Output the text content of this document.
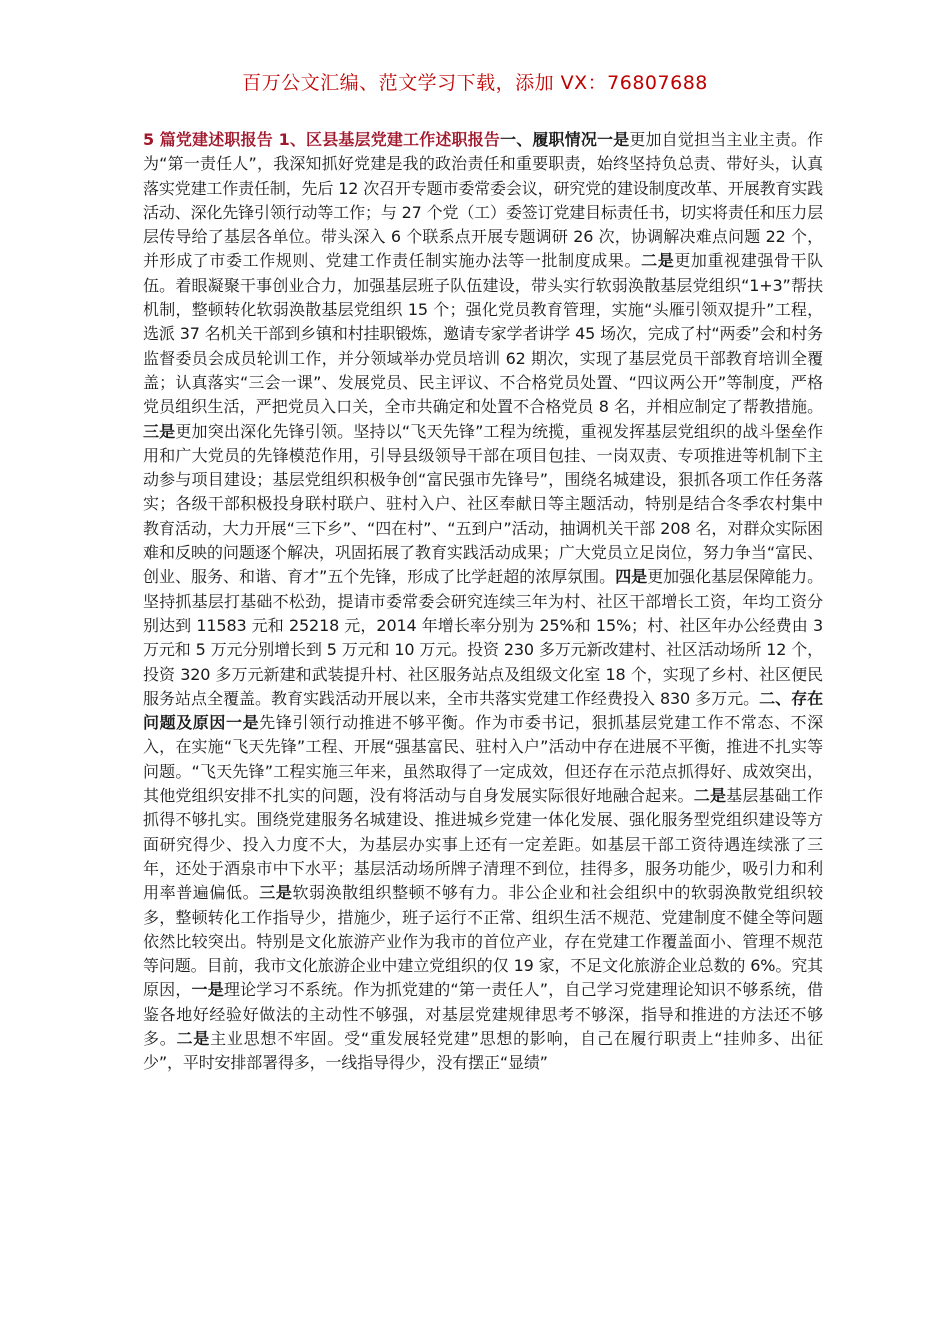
百万公文汇编、范文学习下载，添加 VX：76807688
5 篇党建述职报告 1、区县基层党建工作述职报告一、履职情况一是更加自觉担当主业主责。作为“第一责任人”，我深知抓好党建是我的政治责任和重要职责，始终坚持负总责、带好头，认真落实党建工作责任制，先后 12 次召开专题市委常委会议，研究党的建设制度改革、开展教育实践活动、深化先锋引领行动等工作；与 27 个党（工）委签订党建目标责任书，切实将责任和压力层层传导给了基层各单位。带头深入 6 个联系点开展专题调研 26 次，协调解决难点问题 22 个，并形成了市委工作规则、党建工作责任制实施办法等一批制度成果。二是更加重视建强骨干队伍。着眼凝聚干事创业合力，加强基层班子队伍建设，带头实行软弱涣散基层党组织“1+3”帮扶机制，整顿转化软弱涣散基层党组织 15 个；强化党员教育管理，实施“头雁引领双提升”工程，选派 37 名机关干部到乡镇和村挂职锻炼，邀请专家学者讲学 45 场次，完成了村“两委”会和村务监督委员会成员轮训工作，并分领域举办党员培训 62 期次，实现了基层党员干部教育培训全覆盖；认真落实“三会一课”、发展党员、民主评议、不合格党员处置、“四议两公开”等制度，严格党员组织生活，严把党员入口关，全市共确定和处置不合格党员 8 名，并相应制定了帮教措施。三是更加突出深化先锋引领。坚持以“飞天先锋”工程为统揽，重视发挥基层党组织的战斗堡垒作用和广大党员的先锋模范作用，引导县级领导干部在项目包挂、一岗双责、专项推进等机制下主动参与项目建设；基层党组织积极争创“富民强市先锋号”，围绕名城建设，狠抓各项工作任务落实；各级干部积极投身联村联户、驻村入户、社区奉献日等主题活动，特别是结合冬季农村集中教育活动，大力开展“三下乡”、“四在村”、“五到户”活动，抽调机关干部 208 名，对群众实际困难和反映的问题逐个解决，巩固拓展了教育实践活动成果；广大党员立足岗位，努力争当“富民、创业、服务、和谐、育才”五个先锋，形成了比学赶超的浓厚氛围。四是更加强化基层保障能力。坚持抓基层打基础不松劲，提请市委常委会研究连续三年为村、社区干部增长工资，年均工资分别达到 11583 元和 25218 元，2014 年增长率分别为 25%和 15%；村、社区年办公经费由 3 万元和 5 万元分别增长到 5 万元和 10 万元。投资 230 多万元新改建村、社区活动场所 12 个，投资 320 多万元新建和武装提升村、社区服务站点及组级文化室 18 个，实现了乡村、社区便民服务站点全覆盖。教育实践活动开展以来，全市共落实党建工作经费投入 830 多万元。二、存在问题及原因一是先锋引领行动推进不够平衡。作为市委书记，狠抓基层党建工作不常态、不深入，在实施“飞天先锋”工程、开展“强基富民、驻村入户”活动中存在进展不平衡，推进不扎实等问题。“飞天先锋”工程实施三年来，虽然取得了一定成效，但还存在示范点抓得好、成效突出，其他党组织安排不扎实的问题，没有将活动与自身发展实际很好地融合起来。二是基层基础工作抓得不够扎实。围绕党建服务名城建设、推进城乡党建一体化发展、强化服务型党组织建设等方面研究得少、投入力度不大，为基层办实事上还有一定差距。如基层干部工资待遇连续涨了三年，还处于酒泉市中下水平；基层活动场所牌子清理不到位，挂得多，服务功能少，吸引力和利用率普遍偏低。三是软弱涣散组织整顿不够有力。非公企业和社会组织中的软弱涣散党组织较多，整顿转化工作指导少，措施少，班子运行不正常、组织生活不规范、党建制度不健全等问题依然比较突出。特别是文化旅游产业作为我市的首位产业，存在党建工作覆盖面小、管理不规范等问题。目前，我市文化旅游企业中建立党组织的仅 19 家，不足文化旅游企业总数的 6%。究其原因，一是理论学习不系统。作为抓党建的“第一责任人”，自己学习党建理论知识不够系统，借鉴各地好经验好做法的主动性不够强，对基层党建规律思考不够深，指导和推进的方法还不够多。二是主业思想不牢固。受“重发展轻党建”思想的影响，自己在履行职责上“挂帅多、出征少”，平时安排部署得多，一线指导得少，没有摆正“显绩”
